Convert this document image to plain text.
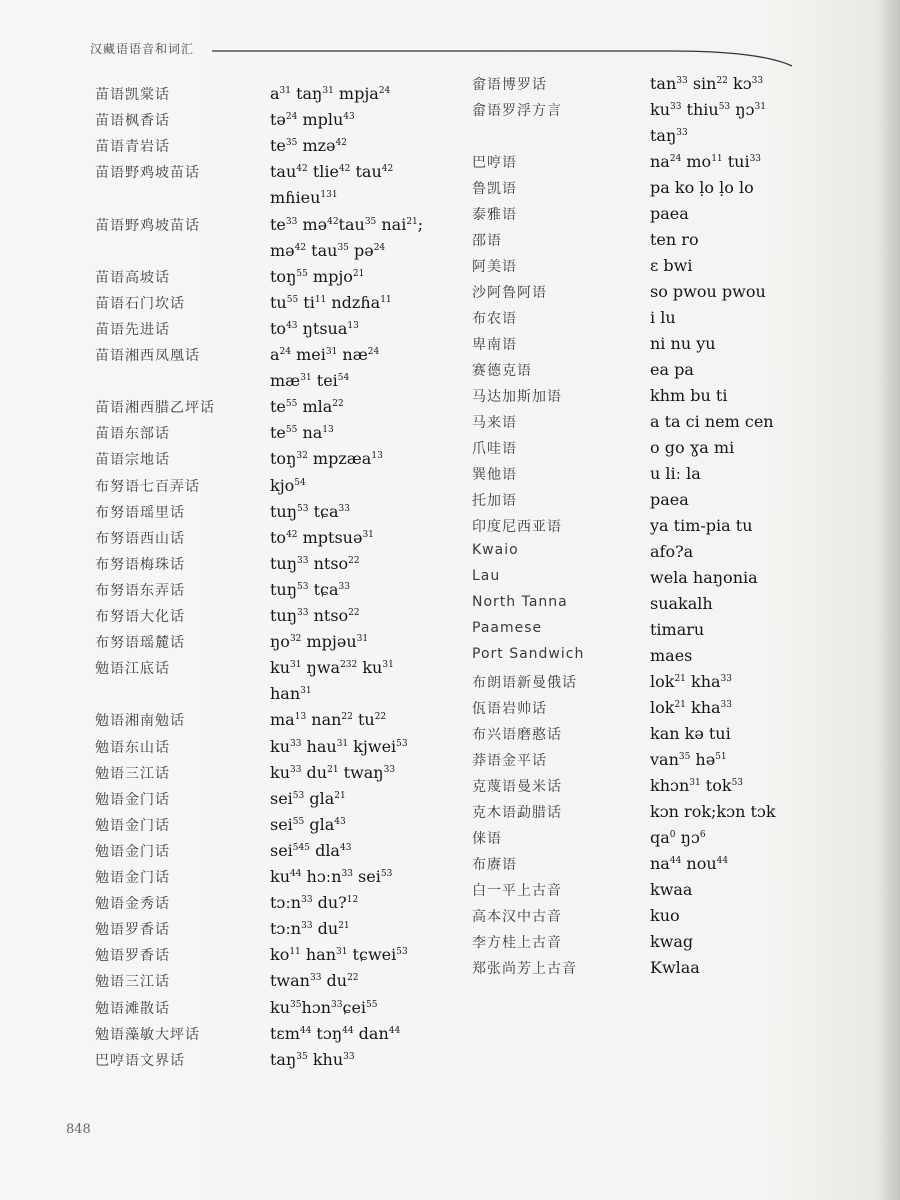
汉藏语语音和词汇
苗语凯棠话
苗语枫香话
苗语青岩话
苗语野鸡坡苗话
苗语野鸡坡苗话
苗语高坡话
苗语石门坎话
苗语先进话
苗语湘西凤凰话
苗语湘西腊乙坪话
苗语东部话
苗语宗地话
布努语七百弄话
布努语瑶里话
布努语西山话
布努语梅珠话
布努语东弄话
布努语大化话
布努语瑶麓话
勉语江底话
勉语湘南勉话
勉语东山话
勉语三江话
勉语金门话
勉语金门话
勉语金门话
勉语金门话
勉语金秀话
勉语罗香话
勉语罗香话
勉语三江话
勉语滩散话
勉语藻敏大坪话
巴哼语文界话
$a^{31}$ taŋ$^{31}$ mpja$^{24}$
tə$^{24}$ mplu$^{43}$
$te^{35}$ mzə$^{42}$
tau$^{42}$ tlie$^{42}$ tau$^{42}$
mɦieu$^{131}$
$te^{33}$ mə$^{42}$tau$^{35}$ nai$^{21}$;
mə$^{42}$ tau$^{35}$ pə$^{24}$
toŋ$^{55}$ mpjo$^{21}$
$tu^{55}$ $ti^{11}$ ndzɦa$^{11}$
$to^{43}$ ŋtsua$^{13}$
$a^{24}$ mei$^{31}$ $næ^{24}$
$mæ^{31}$ tei$^{54}$
$te^{55}$ mla$^{22}$
$te^{55}$ $na^{13}$
toŋ$^{32}$ mpzæa$^{13}$
kjo$^{54}$
tuŋ$^{53}$ tɕa$^{33}$
$to^{42}$ mptsuə$^{31}$
tuŋ$^{33}$ ntso$^{22}$
tuŋ$^{53}$ tɕa$^{33}$
tuŋ$^{33}$ ntso$^{22}$
$ŋo^{32}$ mpjəu$^{31}$
$ku^{31}$ ŋwa$^{232}$ $ku^{31}$
han$^{31}$
$ma^{13}$ nan$^{22}$ $tu^{22}$
$ku^{33}$ hau$^{31}$ kjwei$^{53}$
$ku^{33}$ $du^{21}$ twaŋ$^{33}$
sei$^{53}$ gla$^{21}$
sei$^{55}$ gla$^{43}$
sei$^{545}$ dla$^{43}$
$ku^{44}$ hɔːn$^{33}$ sei$^{53}$
tɔːn$^{33}$ du?$^{12}$
tɔːn$^{33}$ $du^{21}$
$ko^{11}$ han$^{31}$ tɕwei$^{53}$
twan$^{33}$ $du^{22}$
$ku^{35}hɔn^{33}ɕei^{55}$
tɛm$^{44}$ tɔŋ$^{44}$ dan$^{44}$
taŋ$^{35}$ khu$^{33}$
畲语博罗话
畲语罗浮方言
巴哼语
鲁凯语
泰雅语
邵语
阿美语
沙阿鲁阿语
布农语
卑南语
赛德克语
马达加斯加语
马来语
爪哇语
巽他语
托加语
印度尼西亚语
Kwaio
Lau
North Tanna
Paamese
Port Sandwich
布朗语新曼俄话
佤语岩帅话
布兴语磨憨话
莽语金平话
克蔑语曼米话
克木语勐腊话
俫语
布赓语
白一平上古音
高本汉中古音
李方桂上古音
郑张尚芳上古音
$\tan^{33} \sin^{22}$ kɔ$^{33}$
$ku^{33}$ thiu$^{53}$ ŋɔ$^{31}$
taŋ$^{33}$
$na^{24}$ $mo^{11}$ tui$^{33}$
pa ko ḷo ḷo lo
paea
ten ro
ɛ bwi
so pwou pwou
i lu
ni nu yu
ea pa
khm bu ti
a ta ci nem cen
o go ɣa mi
u liː la
paea
ya tim-pia tu
afo?a
wela haŋonia
suakalh
timaru
maes
lok$^{21}$ kha$^{33}$
lok$^{21}$ kha$^{33}$
kan kə tui
van$^{35}$ hə$^{51}$
khɔn$^{31}$ tok$^{53}$
kɔn rok;kɔn tɔk
$qa^0$ ŋɔ$^6$
$na^{44}$ nou$^{44}$
kwaa
kuo
kwag
Kwlaa
848
